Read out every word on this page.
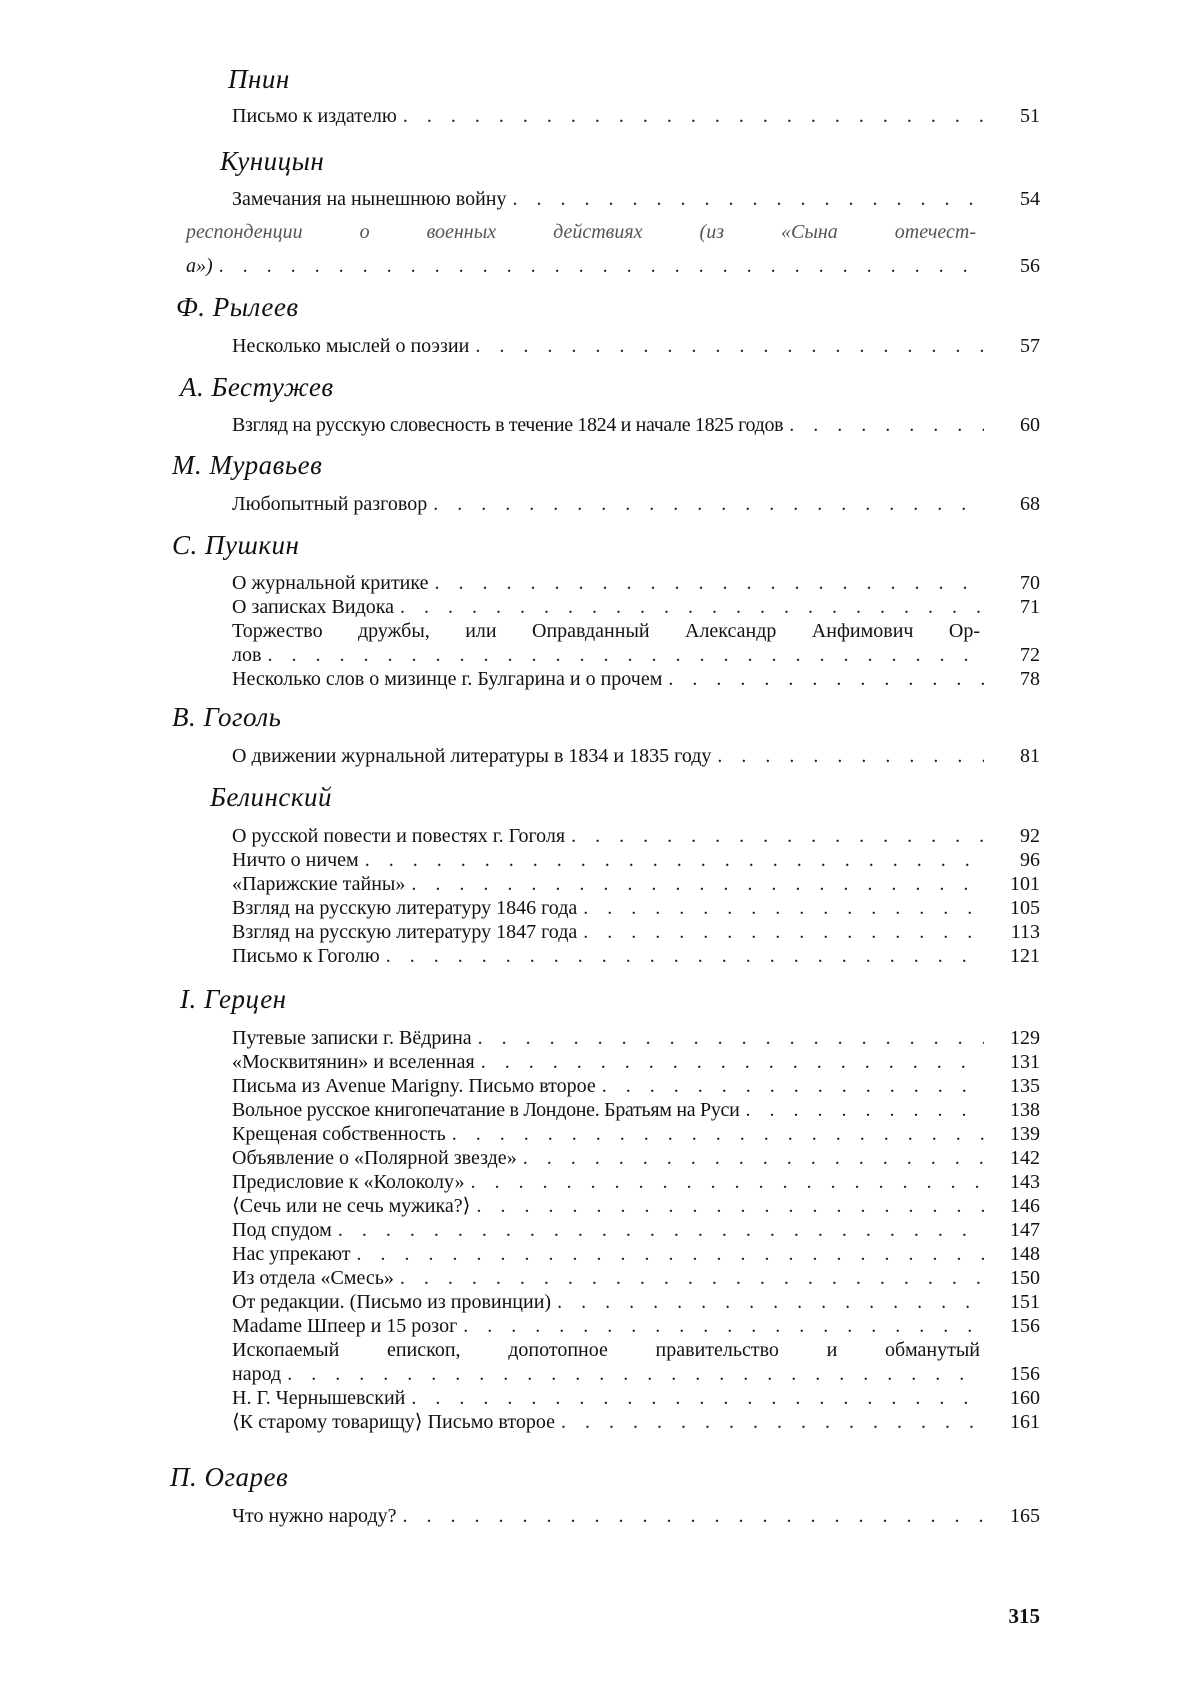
Пнин
Письмо к издателю . . .	51
Куницын
Замечания на нынешнюю войну . . .	54
респонденции о военных действиях (из «Сына отечест-
а») . . .	56
Ф. Рылеев
Несколько мыслей о поэзии . . .	57
А. Бестужев
Взгляд на русскую словесность в течение 1824 и начале 1825 годов . . .	60
М. Муравьев
Любопытный разговор . . .	68
С. Пушкин
О журнальной критике . . .	70
О записках Видока . . .	71
Торжество дружбы, или Оправданный Александр Анфимович Ор-
лов . . .	72
Несколько слов о мизинце г. Булгарина и о прочем . . .	78
В. Гоголь
О движении журнальной литературы в 1834 и 1835 году . . .	81
Белинский
О русской повести и повестях г. Гоголя . . .	92
Ничто о ничем . . .	96
«Парижские тайны» . . .	101
Взгляд на русскую литературу 1846 года . . .	105
Взгляд на русскую литературу 1847 года . . .	113
Письмо к Гоголю . . .	121
І. Герцен
Путевые записки г. Вёдрина . . .	129
«Москвитянин» и вселенная . . .	131
Письма из Avenue Marigny. Письмо второе . . .	135
Вольное русское книгопечатание в Лондоне. Братьям на Руси . . .	138
Крещеная собственность . . .	139
Объявление о «Полярной звезде» . . .	142
Предисловие к «Колоколу» . . .	143
⟨Сечь или не сечь мужика?⟩ . . .	146
Под спудом . . .	147
Нас упрекают . . .	148
Из отдела «Смесь» . . .	150
От редакции. (Письмо из провинции) . . .	151
Madame Шпеер и 15 розог . . .	156
Ископаемый епископ, допотопное правительство и обманутый
народ . . .	156
Н. Г. Чернышевский . . .	160
⟨К старому товарищу⟩ Письмо второе . . .	161
П. Огарев
Что нужно народу? . . .	165
315
